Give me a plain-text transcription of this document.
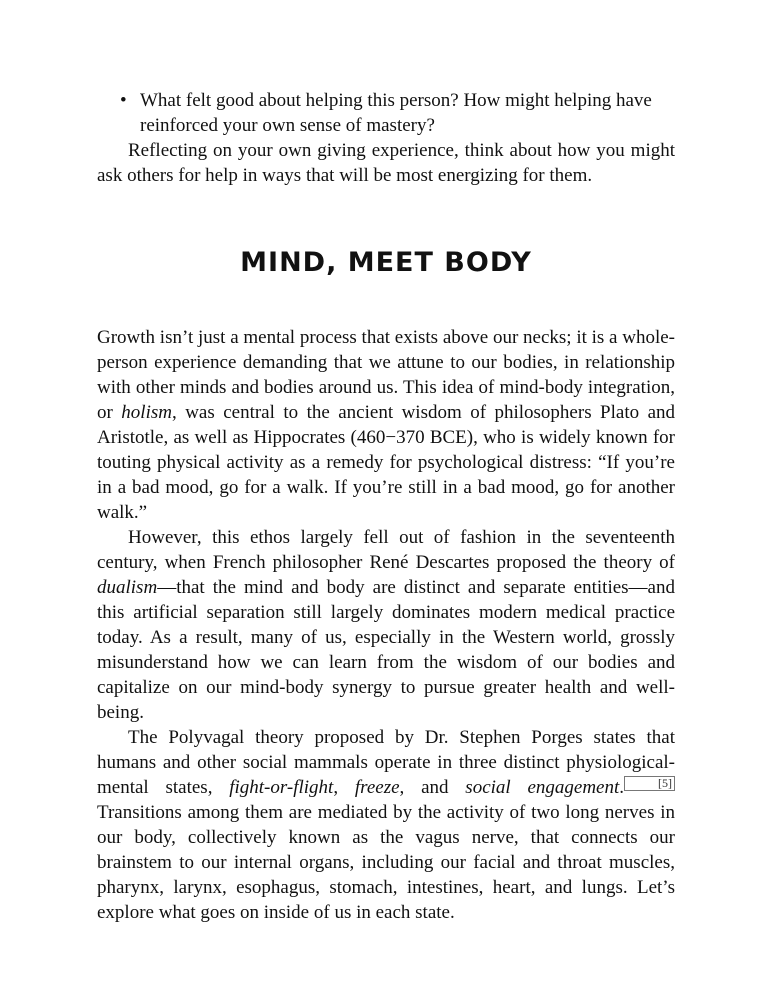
• What felt good about helping this person? How might helping have reinforced your own sense of mastery?

Reflecting on your own giving experience, think about how you might ask others for help in ways that will be most energizing for them.

MIND, MEET BODY

Growth isn’t just a mental process that exists above our necks; it is a whole-person experience demanding that we attune to our bodies, in relationship with other minds and bodies around us. This idea of mind-body integration, or holism, was central to the ancient wisdom of philosophers Plato and Aristotle, as well as Hippocrates (460−370 BCE), who is widely known for touting physical activity as a remedy for psychological distress: “If you’re in a bad mood, go for a walk. If you’re still in a bad mood, go for another walk.”

However, this ethos largely fell out of fashion in the seventeenth century, when French philosopher René Descartes proposed the theory of dualism—that the mind and body are distinct and separate entities—and this artificial separation still largely dominates modern medical practice today. As a result, many of us, especially in the Western world, grossly misunderstand how we can learn from the wisdom of our bodies and capitalize on our mind-body synergy to pursue greater health and well-being.

The Polyvagal theory proposed by Dr. Stephen Porges states that humans and other social mammals operate in three distinct physiological-mental states, fight-or-flight, freeze, and social engagement.	[5] Transitions among them are mediated by the activity of two long nerves in our body, collectively known as the vagus nerve, that connects our brainstem to our internal organs, including our facial and throat muscles, pharynx, larynx, esophagus, stomach, intestines, heart, and lungs. Let’s explore what goes on inside of us in each state.
